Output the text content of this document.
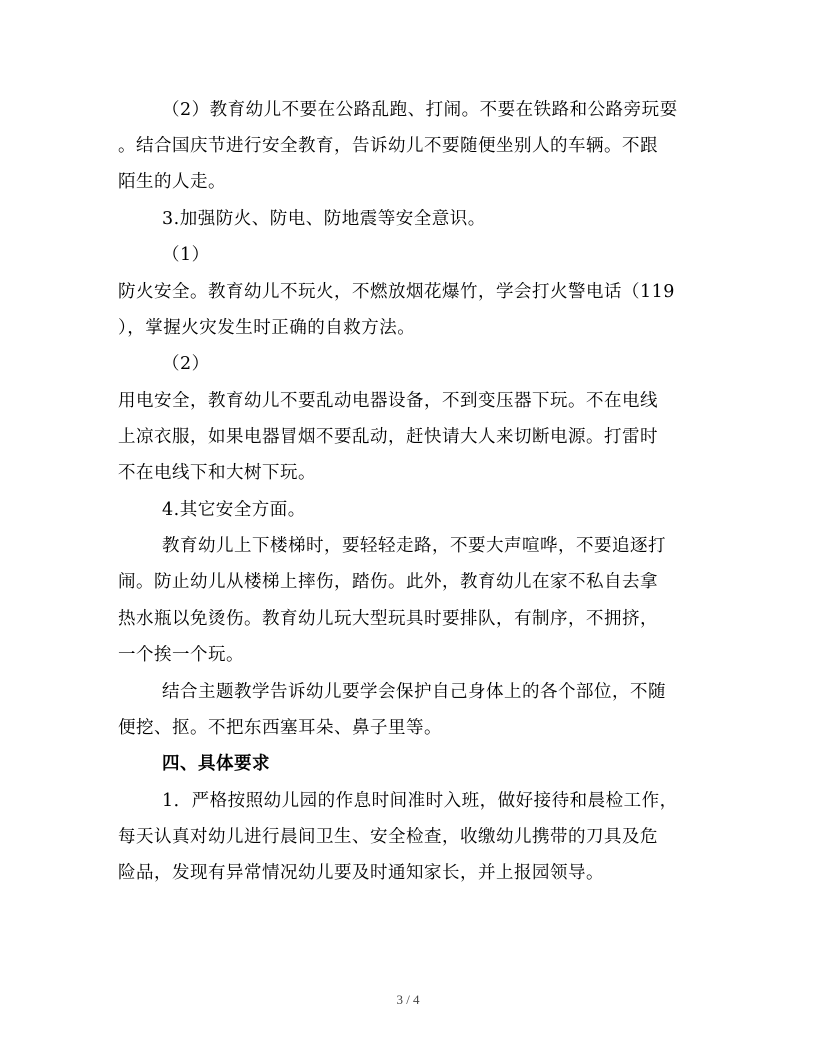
（2）教育幼儿不要在公路乱跑、打闹。不要在铁路和公路旁玩耍
。结合国庆节进行安全教育，告诉幼儿不要随便坐别人的车辆。不跟
陌生的人走。
3.加强防火、防电、防地震等安全意识。
（1）
防火安全。教育幼儿不玩火，不燃放烟花爆竹，学会打火警电话（119
），掌握火灾发生时正确的自救方法。
（2）
用电安全，教育幼儿不要乱动电器设备，不到变压器下玩。不在电线
上凉衣服，如果电器冒烟不要乱动，赶快请大人来切断电源。打雷时
不在电线下和大树下玩。
4.其它安全方面。
教育幼儿上下楼梯时，要轻轻走路，不要大声喧哗，不要追逐打
闹。防止幼儿从楼梯上摔伤，踏伤。此外，教育幼儿在家不私自去拿
热水瓶以免烫伤。教育幼儿玩大型玩具时要排队，有制序，不拥挤，
一个挨一个玩。
结合主题教学告诉幼儿要学会保护自己身体上的各个部位，不随
便挖、抠。不把东西塞耳朵、鼻子里等。
四、具体要求
1．严格按照幼儿园的作息时间准时入班，做好接待和晨检工作，
每天认真对幼儿进行晨间卫生、安全检查，收缴幼儿携带的刀具及危
险品，发现有异常情况幼儿要及时通知家长，并上报园领导。
3 / 4
